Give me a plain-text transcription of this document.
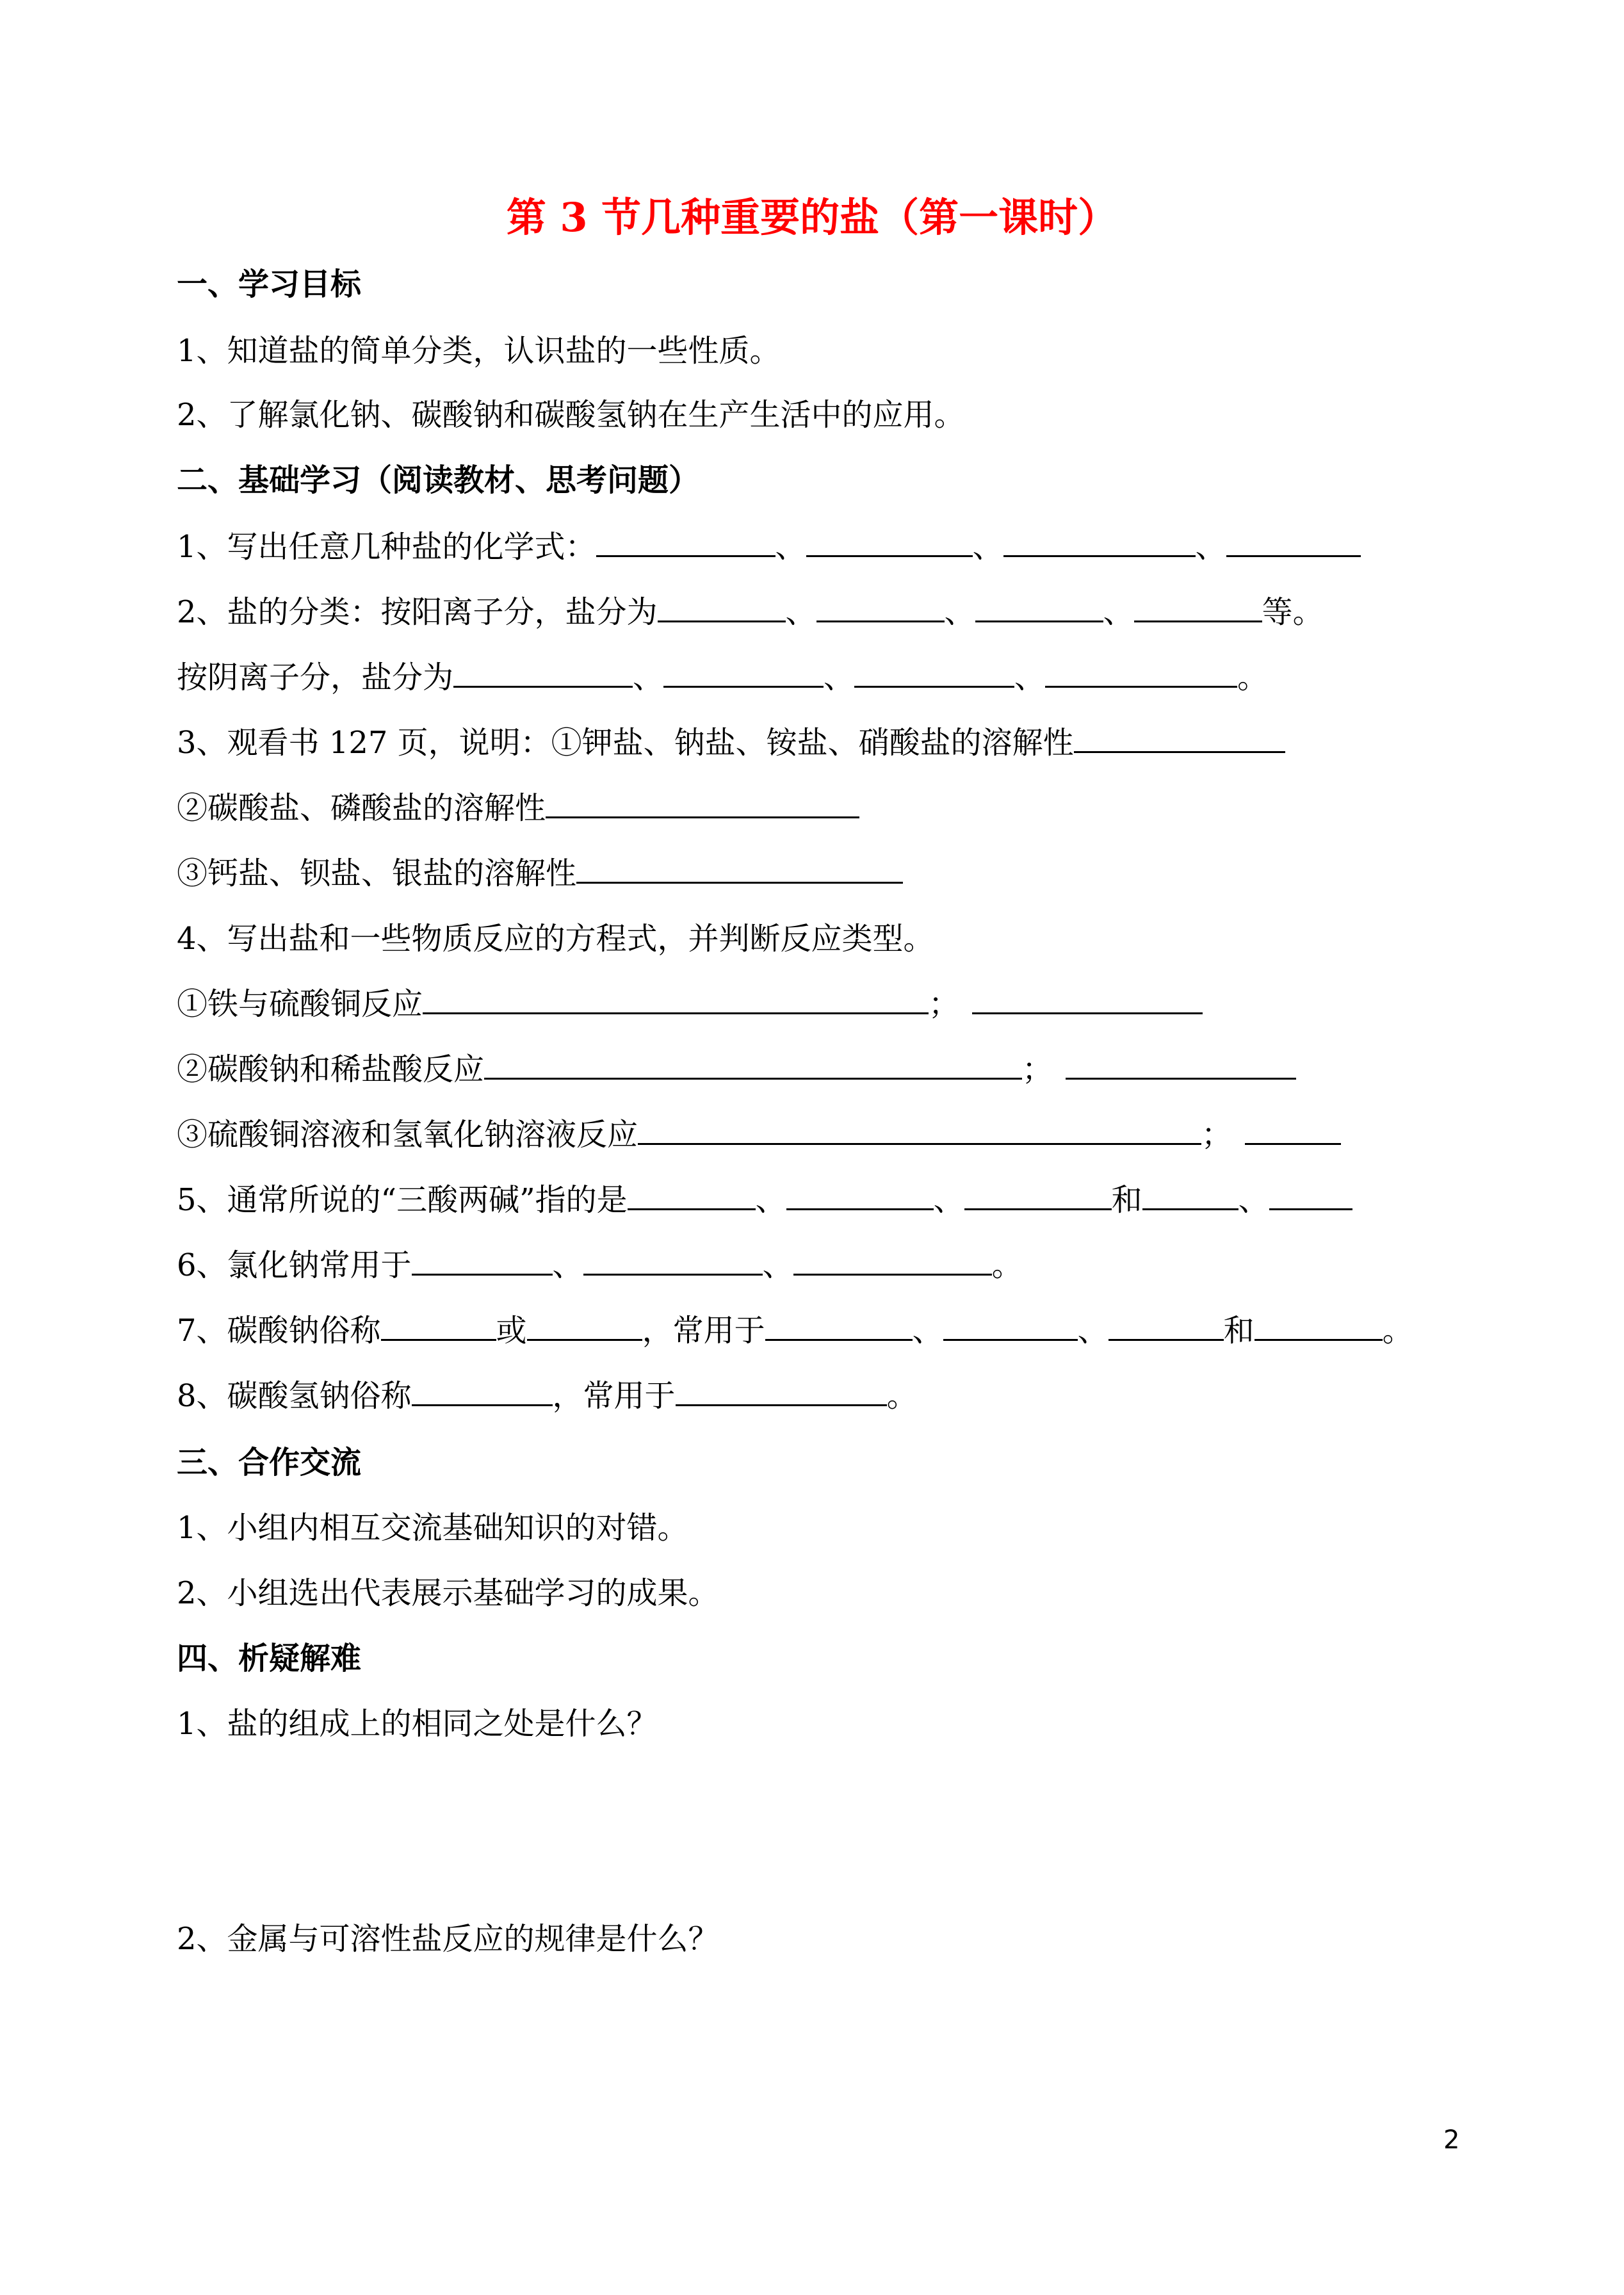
第 3 节几种重要的盐（第一课时）
一、学习目标
1、知道盐的简单分类，认识盐的一些性质。
2、了解氯化钠、碳酸钠和碳酸氢钠在生产生活中的应用。
二、基础学习（阅读教材、思考问题）
1、写出任意几种盐的化学式：	、	、	、
2、盐的分类：按阳离子分，盐分为	、	、	、	等。
按阴离子分，盐分为	、	、	、	。
3、观看书 127 页，说明：①钾盐、钠盐、铵盐、硝酸盐的溶解性
②碳酸盐、磷酸盐的溶解性
③钙盐、钡盐、银盐的溶解性
4、写出盐和一些物质反应的方程式，并判断反应类型。
①铁与硫酸铜反应	；
②碳酸钠和稀盐酸反应	；
③硫酸铜溶液和氢氧化钠溶液反应	；
5、通常所说的“三酸两碱”指的是	、	、	和	、
6、氯化钠常用于	、	、	。
7、碳酸钠俗称	或	，常用于	、	、	和	。
8、碳酸氢钠俗称	，常用于	。
三、合作交流
1、小组内相互交流基础知识的对错。
2、小组选出代表展示基础学习的成果。
四、析疑解难
1、盐的组成上的相同之处是什么？
2、金属与可溶性盐反应的规律是什么？
2
